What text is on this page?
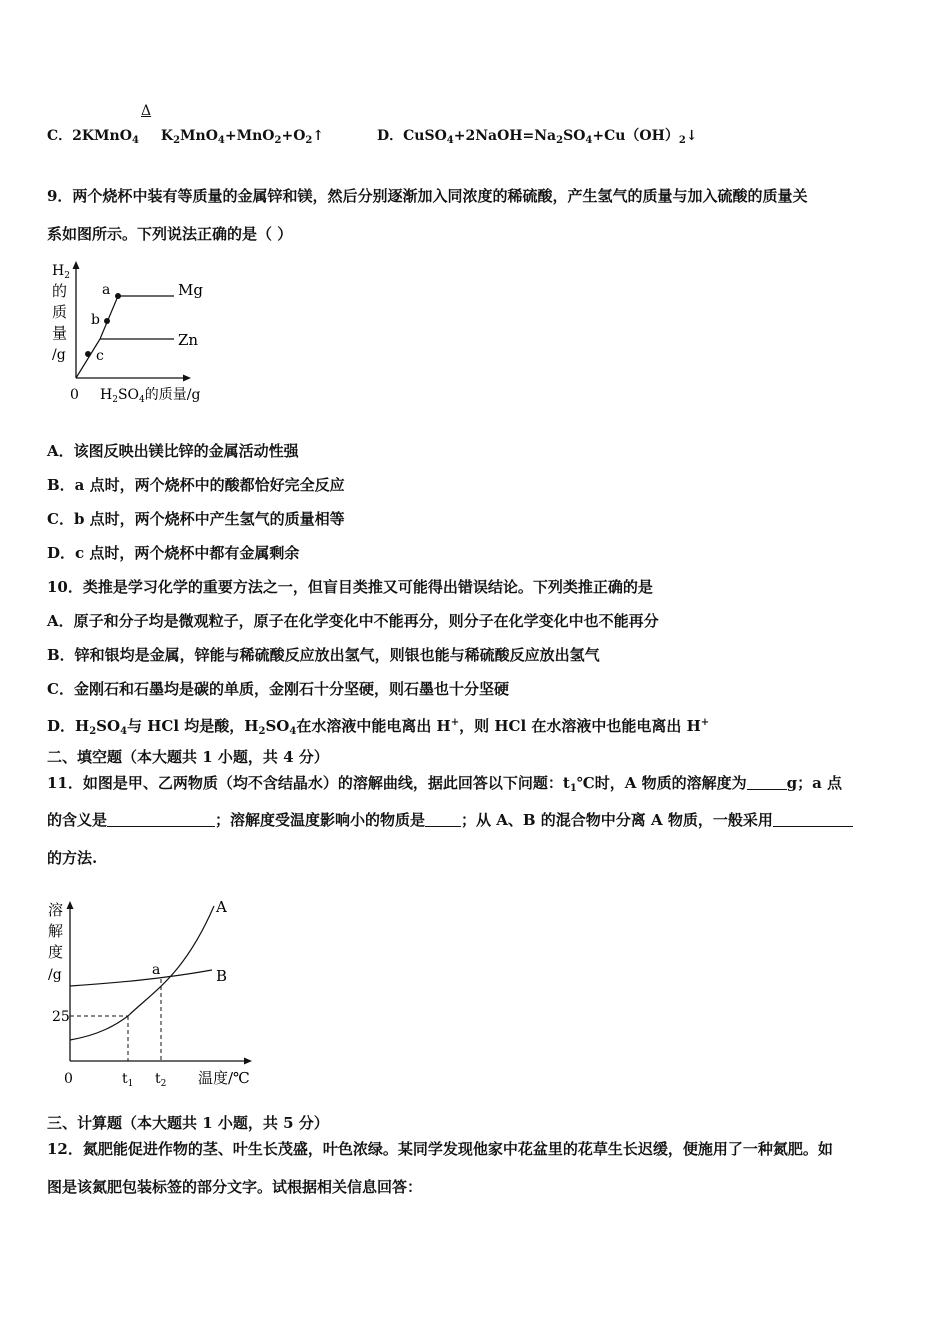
Δ
C．2KMnO$_4$ $K_2MnO_4+MnO_2+O_2↑$	D．$CuSO_4+2NaOH=Na_2SO_4+Cu(OH)_2↓$
9．两个烧杯中装有等质量的金属锌和镁，然后分别逐渐加入同浓度的稀硫酸，产生氢气的质量与加入硫酸的质量关
系如图所示。下列说法正确的是（ ）
$H_2$
的
质
量
/g
a
b
c
Mg
Zn
0 $H_2SO_4$的质量/g
A．该图反映出镁比锌的金属活动性强
B．a 点时，两个烧杯中的酸都恰好完全反应
C．b 点时，两个烧杯中产生氢气的质量相等
D．c 点时，两个烧杯中都有金属剩余
10．类推是学习化学的重要方法之一，但盲目类推又可能得出错误结论。下列类推正确的是
A．原子和分子均是微观粒子，原子在化学变化中不能再分，则分子在化学变化中也不能再分
B．锌和银均是金属，锌能与稀硫酸反应放出氢气，则银也能与稀硫酸反应放出氢气
C．金刚石和石墨均是碳的单质，金刚石十分坚硬，则石墨也十分坚硬
D．$H_2SO_4$与 HCl 均是酸，$H_2SO_4$在水溶液中能电离出 H+，则 HCl 在水溶液中也能电离出 H+
二、填空题（本大题共 1 小题，共 4 分）
11．如图是甲、乙两物质（均不含结晶水）的溶解曲线，据此回答以下问题：$t_1℃$时，A 物质的溶解度为	g；a 点
的含义是	；溶解度受温度影响小的物质是 ；从 A、B 的混合物中分离 A 物质，一般采用
的方法.
溶
解
度
/g
25
0	$t_1$ $t_2$ 温度/℃
A
B
a
三、计算题（本大题共 1 小题，共 5 分）
12．氮肥能促进作物的茎、叶生长茂盛，叶色浓绿。某同学发现他家中花盆里的花草生长迟缓，便施用了一种氮肥。如
图是该氮肥包装标签的部分文字。试根据相关信息回答：
